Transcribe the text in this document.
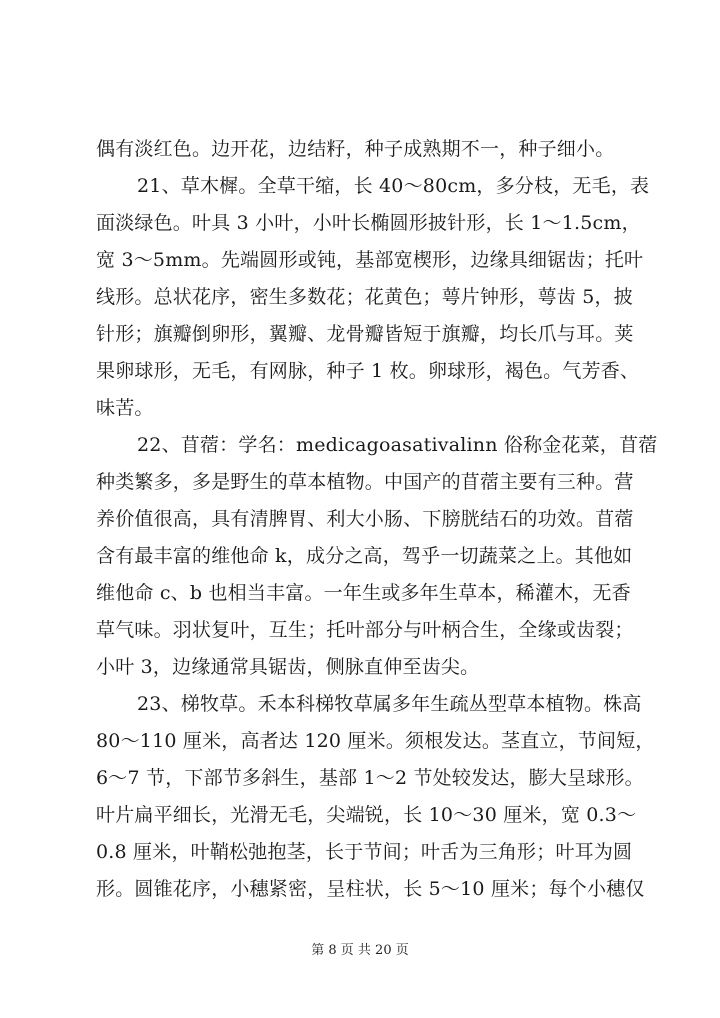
偶有淡红色。边开花，边结籽，种子成熟期不一，种子细小。
21、草木樨。全草干缩，长 40～80cm，多分枝，无毛，表
面淡绿色。叶具 3 小叶，小叶长椭圆形披针形，长 1～1.5cm，
宽 3～5mm。先端圆形或钝，基部宽楔形，边缘具细锯齿；托叶
线形。总状花序，密生多数花；花黄色；萼片钟形，萼齿 5，披
针形；旗瓣倒卵形，翼瓣、龙骨瓣皆短于旗瓣，均长爪与耳。荚
果卵球形，无毛，有网脉，种子 1 枚。卵球形，褐色。气芳香、
味苦。
22、苜蓿：学名：medicagoasativalinn 俗称金花菜，苜蓿
种类繁多，多是野生的草本植物。中国产的苜蓿主要有三种。营
养价值很高，具有清脾胃、利大小肠、下膀胱结石的功效。苜蓿
含有最丰富的维他命 k，成分之高，驾乎一切蔬菜之上。其他如
维他命 c、b 也相当丰富。一年生或多年生草本，稀灌木，无香
草气味。羽状复叶，互生；托叶部分与叶柄合生，全缘或齿裂；
小叶 3，边缘通常具锯齿，侧脉直伸至齿尖。
23、梯牧草。禾本科梯牧草属多年生疏丛型草本植物。株高
80～110 厘米，高者达 120 厘米。须根发达。茎直立，节间短，
6～7 节，下部节多斜生，基部 1～2 节处较发达，膨大呈球形。
叶片扁平细长，光滑无毛，尖端锐，长 10～30 厘米，宽 0.3～
0.8 厘米，叶鞘松弛抱茎，长于节间；叶舌为三角形；叶耳为圆
形。圆锥花序，小穗紧密，呈柱状，长 5～10 厘米；每个小穗仅
第 8 页 共 20 页
